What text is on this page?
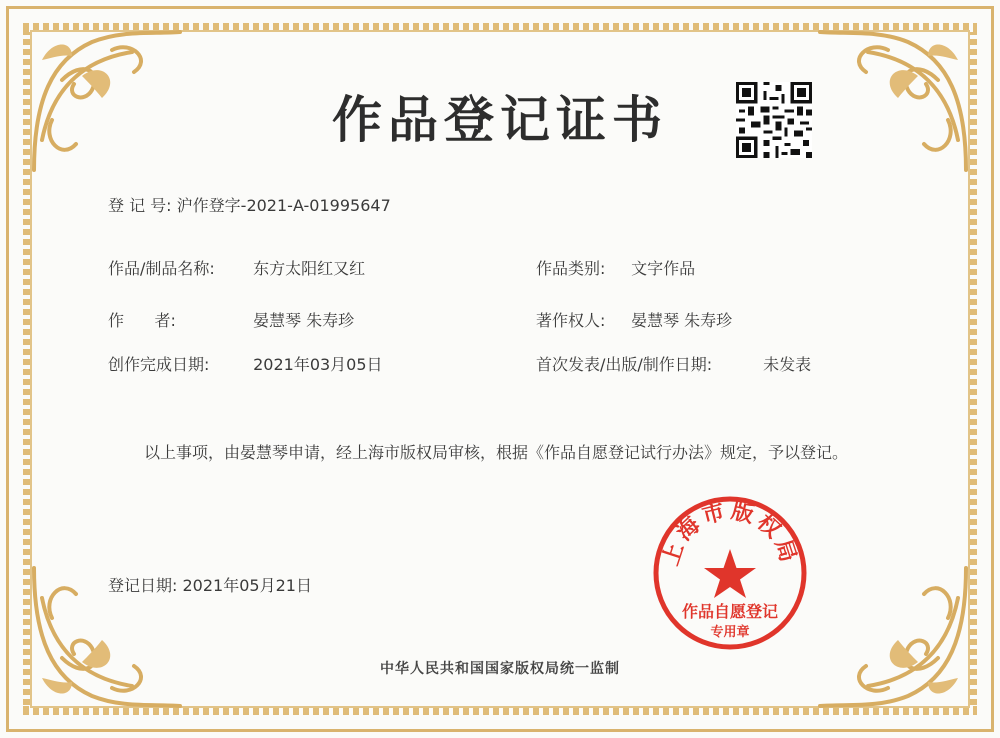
作品登记证书
登 记 号: 沪作登字-2021-A-01995647
作品/制品名称: 东方太阳红又红	作品类别: 文字作品
作      者:	晏慧琴 朱寿珍	著作权人: 晏慧琴 朱寿珍
创作完成日期:	2021年03月05日	首次发表/出版/制作日期:	未发表
以上事项，由晏慧琴申请，经上海市版权局审核，根据《作品自愿登记试行办法》规定，予以登记。
登记日期: 2021年05月21日
上海市版权局
作品自愿登记
专用章
中华人民共和国国家版权局统一监制
